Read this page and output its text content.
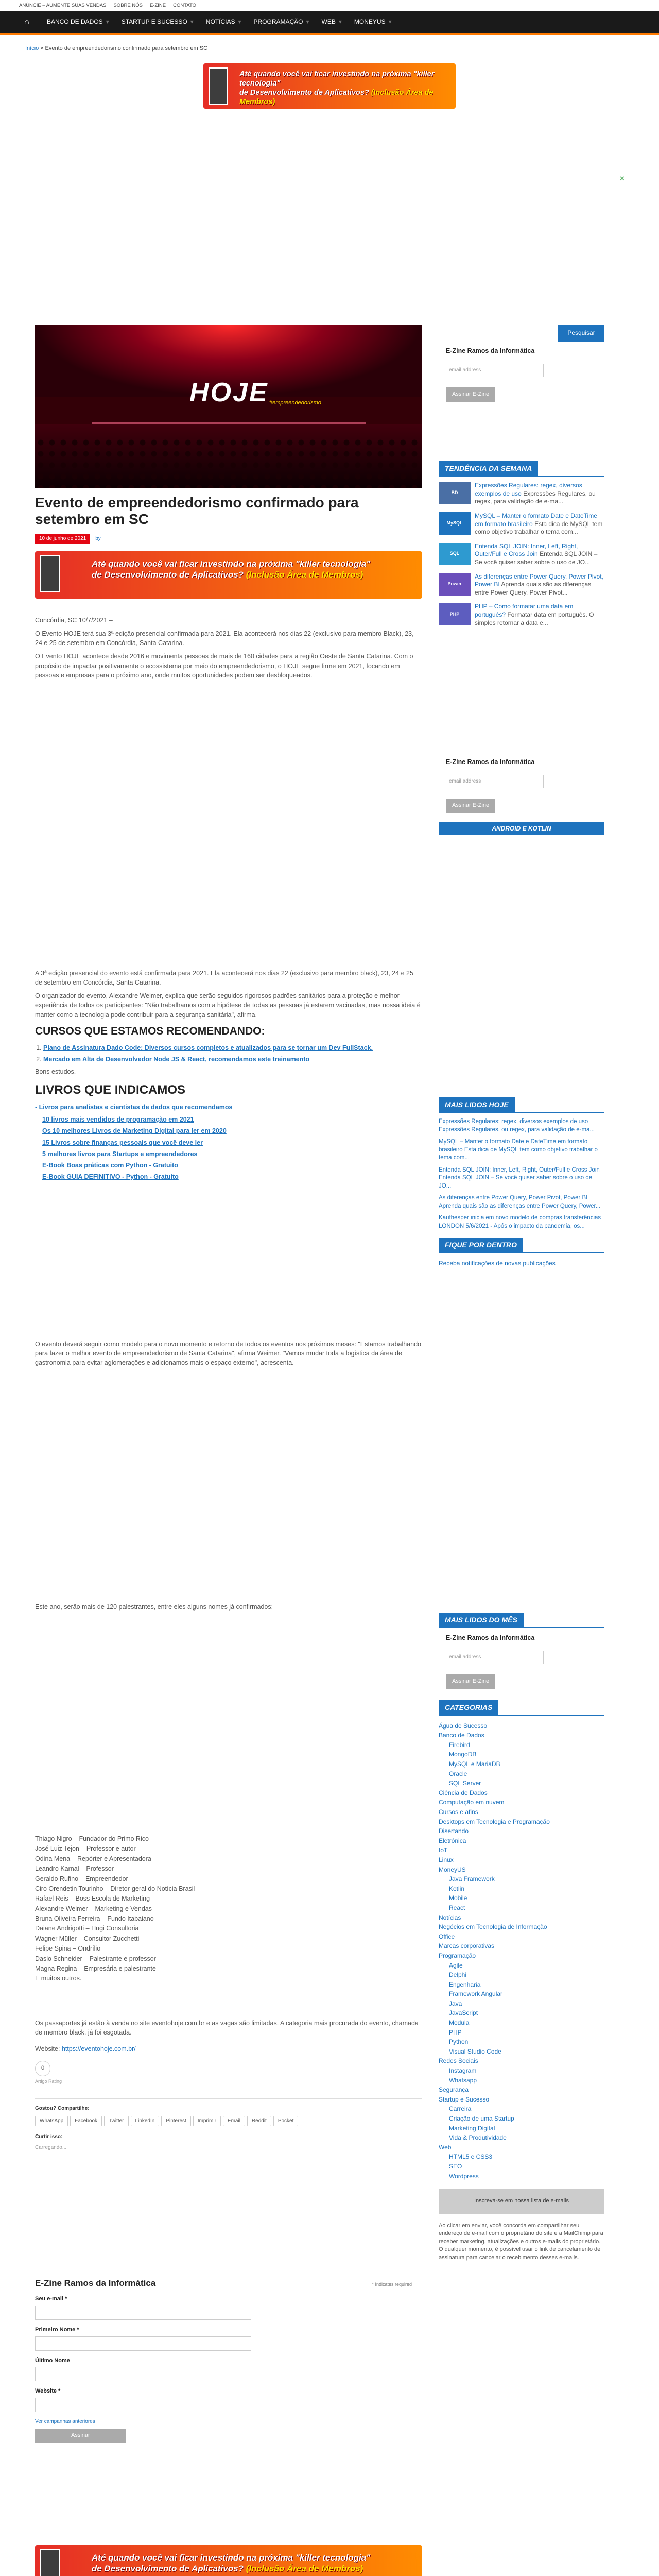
ANÚNCIE – AUMENTE SUAS VENDAS SOBRE NÓS E-ZINE CONTATO
⌂	BANCO DE DADOS ▾ STARTUP E SUCESSO ▾ NOTÍCIAS ▾ PROGRAMAÇÃO ▾ WEB ▾ MONEYUS ▾
Início » Evento de empreendedorismo confirmado para setembro em SC
Até quando você vai ficar investindo na próxima "killer tecnologia"
de Desenvolvimento de Aplicativos? (Inclusão Área de Membros)
✕
HOJE #empreendedorismo
Evento de empreendedorismo confirmado para setembro em SC
10 de junho de 2021	by
Até quando você vai ficar investindo na próxima "killer tecnologia"
de Desenvolvimento de Aplicativos? (Inclusão Área de Membros)

Concórdia, SC 10/7/2021 –

O Evento HOJE terá sua 3ª edição presencial confirmada para 2021. Ela acontecerá nos dias 22 (exclusivo para membro Black), 23, 24 e 25 de setembro em Concórdia, Santa Catarina.

O Evento HOJE acontece desde 2016 e movimenta pessoas de mais de 160 cidades para a região Oeste de Santa Catarina. Com o propósito de impactar positivamente o ecossistema por meio do empreendedorismo, o HOJE segue firme em 2021, focando em pessoas e empresas para o próximo ano, onde muitos oportunidades podem ser desbloqueados.

A 3ª edição presencial do evento está confirmada para 2021. Ela acontecerá nos dias 22 (exclusivo para membro black), 23, 24 e 25 de setembro em Concórdia, Santa Catarina.

O organizador do evento, Alexandre Weimer, explica que serão seguidos rigorosos padrões sanitários para a proteção e melhor experiência de todos os participantes: "Não trabalhamos com a hipótese de todas as pessoas já estarem vacinadas, mas nossa ideia é manter como a tecnologia pode contribuir para a segurança sanitária", afirma.

CURSOS QUE ESTAMOS RECOMENDANDO:
1. Plano de Assinatura Dado Code: Diversos cursos completos e atualizados para se tornar um Dev FullStack.
2. Mercado em Alta de Desenvolvedor Node JS & React, recomendamos este treinamento

Bons estudos.

LIVROS QUE INDICAMOS
- Livros para analistas e cientistas de dados que recomendamos
10 livros mais vendidos de programação em 2021
Os 10 melhores Livros de Marketing Digital para ler em 2020
15 Livros sobre finanças pessoais que você deve ler
5 melhores livros para Startups e empreendedores
E-Book Boas práticas com Python - Gratuito
E-Book GUIA DEFINITIVO - Python - Gratuito

O evento deverá seguir como modelo para o novo momento e retorno de todos os eventos nos próximos meses: "Estamos trabalhando para fazer o melhor evento de empreendedorismo de Santa Catarina", afirma Weimer. "Vamos mudar toda a logística da área de gastronomia para evitar aglomerações e adicionamos mais o espaço externo", acrescenta.

Este ano, serão mais de 120 palestrantes, entre eles alguns nomes já confirmados:

Thiago Nigro – Fundador do Primo Rico
José Luiz Tejon – Professor e autor
Odina Mena – Repórter e Apresentadora
Leandro Karnal – Professor
Geraldo Rufino – Empreendedor
Ciro Orendetin Tourinho – Diretor-geral do Notícia Brasil
Rafael Reis – Boss Escola de Marketing
Alexandre Weimer – Marketing e Vendas
Bruna Oliveira Ferreira – Fundo Itabaiano
Daiane Andrigotti – Hugi Consultoria
Wagner Müller – Consultor Zucchetti
Felipe Spina – Ondrílio
Daslo Schneider – Palestrante e professor
Magna Regina – Empresária e palestrante
E muitos outros.

Os passaportes já estão à venda no site eventohoje.com.br e as vagas são limitadas. A categoria mais procurada do evento, chamada de membro black, já foi esgotada.

Website: https://eventohoje.com.br/

0
Artigo Rating
Gostou? Compartilhe:
WhatsApp	Facebook	Twitter	LinkedIn	Pinterest	Imprimir	Email	Reddit	Pocket
Curtir isso:
Carregando...
E-Zine Ramos da Informática	* Indicates required
Seu e-mail *
Primeiro Nome *
Último Nome
Website *
Ver campanhas anteriores
Assinar
Até quando você vai ficar investindo na próxima "killer tecnologia"
de Desenvolvimento de Aplicativos? (Inclusão Área de Membros)
Pesquisar
E-Zine Ramos da Informática
email address
Assinar E-Zine
TENDÊNCIA DA SEMANA
BD
Expressões Regulares: regex, diversos exemplos de uso Expressões Regulares, ou regex, para validação de e-ma...
MySQL
MySQL – Manter o formato Date e DateTime em formato brasileiro Esta dica de MySQL tem como objetivo trabalhar o tema com...
SQL
Entenda SQL JOIN: Inner, Left, Right, Outer/Full e Cross Join Entenda SQL JOIN – Se você quiser saber sobre o uso de JO...
Power
As diferenças entre Power Query, Power Pivot, Power BI Aprenda quais são as diferenças entre Power Query, Power Pivot...
PHP
PHP – Como formatar uma data em português? Formatar data em português. O simples retornar a data e...
E-Zine Ramos da Informática
email address
Assinar E-Zine
ANDROID E KOTLIN
MAIS LIDOS HOJE
Expressões Regulares: regex, diversos exemplos de uso Expressões Regulares, ou regex, para validação de e-ma...
MySQL – Manter o formato Date e DateTime em formato brasileiro Esta dica de MySQL tem como objetivo trabalhar o tema com...
Entenda SQL JOIN: Inner, Left, Right, Outer/Full e Cross Join Entenda SQL JOIN – Se você quiser saber sobre o uso de JO...
As diferenças entre Power Query, Power Pivot, Power BI Aprenda quais são as diferenças entre Power Query, Power...
Kaufhesper inicia em novo modelo de compras transferências LONDON 5/6/2021 - Após o impacto da pandemia, os...
FIQUE POR DENTRO
Receba notificações de novas publicações
MAIS LIDOS DO MÊS
E-Zine Ramos da Informática
email address
Assinar E-Zine
CATEGORIAS
Água de Sucesso
Banco de Dados
Firebird
MongoDB
MySQL e MariaDB
Oracle
SQL Server
Ciência de Dados
Computação em nuvem
Cursos e afins
Desktops em Tecnologia e Programação
Disertando
Eletrônica
IoT
Linux
MoneyUS
Java Framework
Kotlin
Mobile
React
Notícias
Negócios em Tecnologia de Informação
Office
Marcas corporativas
Programação
Agile
Delphi
Engenharia
Framework Angular
Java
JavaScript
Modula
PHP
Python
Visual Studio Code
Redes Sociais
Instagram
Whatsapp
Segurança
Startup e Sucesso
Carreira
Criação de uma Startup
Marketing Digital
Vida & Produtividade
Web
HTML5 e CSS3
SEO
Wordpress
Inscreva-se em nossa lista de e-mails
Ao clicar em enviar, você concorda em compartilhar seu endereço de e-mail com o proprietário do site e a MailChimp para receber marketing, atualizações e outros e-mails do proprietário. O qualquer momento, é possível usar o link de cancelamento de assinatura para cancelar o recebimento desses e-mails.
